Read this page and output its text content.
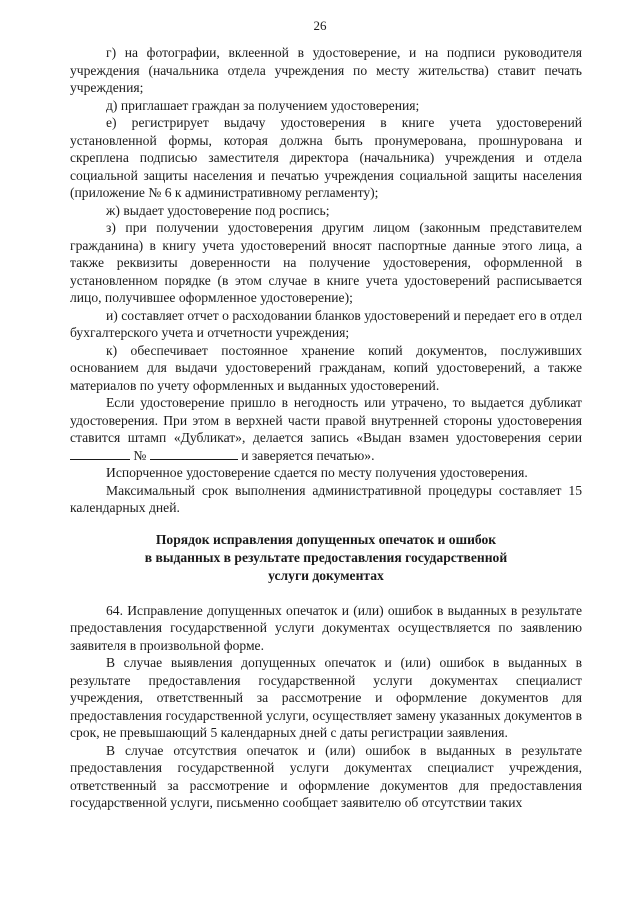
26

г) на фотографии, вклеенной в удостоверение, и на подписи руководителя учреждения (начальника отдела учреждения по месту жительства) ставит печать учреждения;

д) приглашает граждан за получением удостоверения;

е) регистрирует выдачу удостоверения в книге учета удостоверений установленной формы, которая должна быть пронумерована, прошнурована и скреплена подписью заместителя директора (начальника) учреждения и отдела социальной защиты населения и печатью учреждения социальной защиты населения (приложение № 6 к административному регламенту);

ж) выдает удостоверение под роспись;

з) при получении удостоверения другим лицом (законным представителем гражданина) в книгу учета удостоверений вносят паспортные данные этого лица, а также реквизиты доверенности на получение удостоверения, оформленной в установленном порядке (в этом случае в книге учета удостоверений расписывается лицо, получившее оформленное удостоверение);

и) составляет отчет о расходовании бланков удостоверений и передает его в отдел бухгалтерского учета и отчетности учреждения;

к) обеспечивает постоянное хранение копий документов, послуживших основанием для выдачи удостоверений гражданам, копий удостоверений, а также материалов по учету оформленных и выданных удостоверений.

Если удостоверение пришло в негодность или утрачено, то выдается дубликат удостоверения. При этом в верхней части правой внутренней стороны удостоверения ставится штамп «Дубликат», делается запись «Выдан взамен удостоверения серии  №	и заверяется печатью».

Испорченное удостоверение сдается по месту получения удостоверения.

Максимальный срок выполнения административной процедуры составляет 15 календарных дней.

Порядок исправления допущенных опечаток и ошибок
в выданных в результате предоставления государственной
услуги документах

64. Исправление допущенных опечаток и (или) ошибок в выданных в результате предоставления государственной услуги документах осуществляется по заявлению заявителя в произвольной форме.

В случае выявления допущенных опечаток и (или) ошибок в выданных в результате предоставления государственной услуги документах специалист учреждения, ответственный за рассмотрение и оформление документов для предоставления государственной услуги, осуществляет замену указанных документов в срок, не превышающий 5 календарных дней с даты регистрации заявления.

В случае отсутствия опечаток и (или) ошибок в выданных в результате предоставления государственной услуги документах специалист учреждения, ответственный за рассмотрение и оформление документов для предоставления государственной услуги, письменно сообщает заявителю об отсутствии таких
